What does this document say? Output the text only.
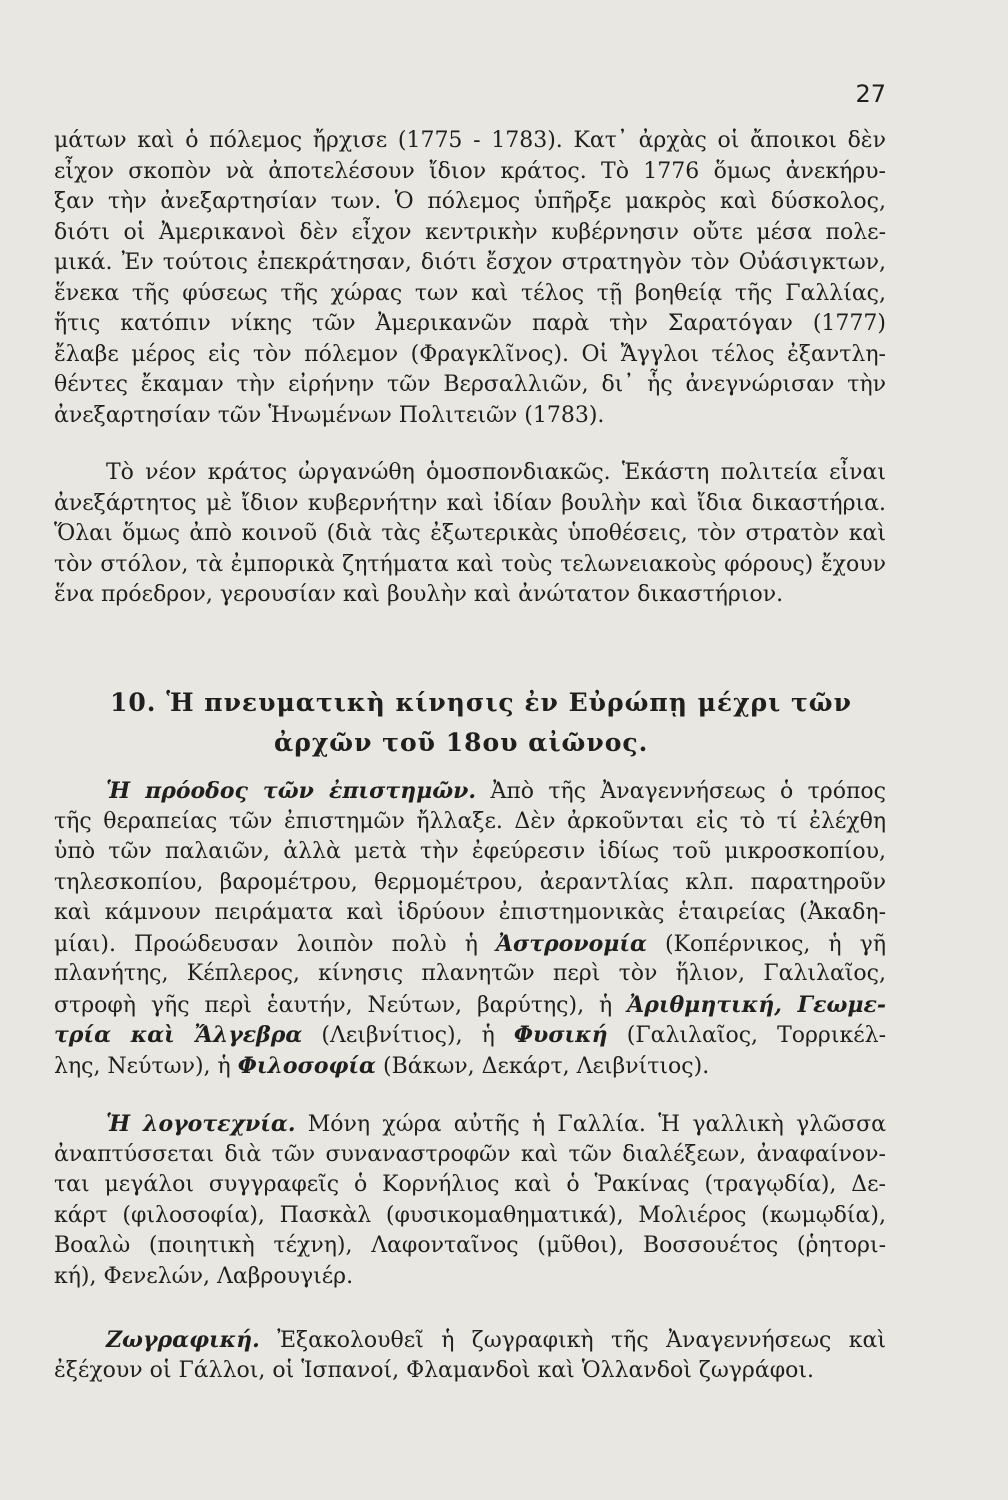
27
μάτων καὶ ὁ πόλεμος ἤρχισε (1775 - 1783). Κατ᾽ ἀρχὰς οἱ ἄποικοι δὲν
εἶχον σκοπὸν νὰ ἀποτελέσουν ἴδιον κράτος. Τὸ 1776 ὅμως ἀνεκήρυ-
ξαν τὴν ἀνεξαρτησίαν των. Ὁ πόλεμος ὑπῆρξε μακρὸς καὶ δύσκολος,
διότι οἱ Ἀμερικανοὶ δὲν εἶχον κεντρικὴν κυβέρνησιν οὔτε μέσα πολε-
μικά. Ἐν τούτοις ἐπεκράτησαν, διότι ἔσχον στρατηγὸν τὸν Οὐάσιγκτων,
ἕνεκα τῆς φύσεως τῆς χώρας των καὶ τέλος τῇ βοηθείᾳ τῆς Γαλλίας,
ἥτις κατόπιν νίκης τῶν Ἀμερικανῶν παρὰ τὴν Σαρατόγαν (1777)
ἔλαβε μέρος εἰς τὸν πόλεμον (Φραγκλῖνος). Οἱ Ἄγγλοι τέλος ἐξαντλη-
θέντες ἔκαμαν τὴν εἰρήνην τῶν Βερσαλλιῶν, δι᾽ ἧς ἀνεγνώρισαν τὴν
ἀνεξαρτησίαν τῶν Ἡνωμένων Πολιτειῶν (1783).
Τὸ νέον κράτος ὠργανώθη ὁμοσπονδιακῶς. Ἑκάστη πολιτεία εἶναι
ἀνεξάρτητος μὲ ἴδιον κυβερνήτην καὶ ἰδίαν βουλὴν καὶ ἴδια δικαστήρια.
Ὅλαι ὅμως ἀπὸ κοινοῦ (διὰ τὰς ἐξωτερικὰς ὑποθέσεις, τὸν στρατὸν καὶ
τὸν στόλον, τὰ ἐμπορικὰ ζητήματα καὶ τοὺς τελωνειακοὺς φόρους) ἔχουν
ἕνα πρόεδρον, γερουσίαν καὶ βουλὴν καὶ ἀνώτατον δικαστήριον.
10. Ἡ πνευματικὴ κίνησις ἐν Εὐρώπῃ μέχρι τῶν
ἀρχῶν τοῦ 18ου αἰῶνος.
Ἡ πρόοδος τῶν ἐπιστημῶν. Ἀπὸ τῆς Ἀναγεννήσεως ὁ τρόπος
τῆς θεραπείας τῶν ἐπιστημῶν ἤλλαξε. Δὲν ἀρκοῦνται εἰς τὸ τί ἐλέχθη
ὑπὸ τῶν παλαιῶν, ἀλλὰ μετὰ τὴν ἐφεύρεσιν ἰδίως τοῦ μικροσκοπίου,
τηλεσκοπίου, βαρομέτρου, θερμομέτρου, ἀεραντλίας κλπ. παρατηροῦν
καὶ κάμνουν πειράματα καὶ ἱδρύουν ἐπιστημονικὰς ἑταιρείας (Ἀκαδη-
μίαι). Προώδευσαν λοιπὸν πολὺ ἡ Ἀστρονομία (Κοπέρνικος, ἡ γῆ
πλανήτης, Κέπλερος, κίνησις πλανητῶν περὶ τὸν ἥλιον, Γαλιλαῖος,
στροφὴ γῆς περὶ ἑαυτήν, Νεύτων, βαρύτης), ἡ Ἀριθμητική, Γεωμε-
τρία καὶ Ἄλγεβρα (Λειβνίτιος), ἡ Φυσική (Γαλιλαῖος, Τορρικέλ-
λης, Νεύτων), ἡ Φιλοσοφία (Βάκων, Δεκάρτ, Λειβνίτιος).
Ἡ λογοτεχνία. Μόνη χώρα αὐτῆς ἡ Γαλλία. Ἡ γαλλικὴ γλῶσσα
ἀναπτύσσεται διὰ τῶν συναναστροφῶν καὶ τῶν διαλέξεων, ἀναφαίνον-
ται μεγάλοι συγγραφεῖς ὁ Κορνήλιος καὶ ὁ Ῥακίνας (τραγῳδία), Δε-
κάρτ (φιλοσοφία), Πασκὰλ (φυσικομαθηματικά), Μολιέρος (κωμῳδία),
Βοαλὼ (ποιητικὴ τέχνη), Λαφονταῖνος (μῦθοι), Βοσσουέτος (ῥητορι-
κή), Φενελών, Λαβρουγιέρ.
Ζωγραφική. Ἐξακολουθεῖ ἡ ζωγραφικὴ τῆς Ἀναγεννήσεως καὶ
ἐξέχουν οἱ Γάλλοι, οἱ Ἱσπανοί, Φλαμανδοὶ καὶ Ὁλλανδοὶ ζωγράφοι.
